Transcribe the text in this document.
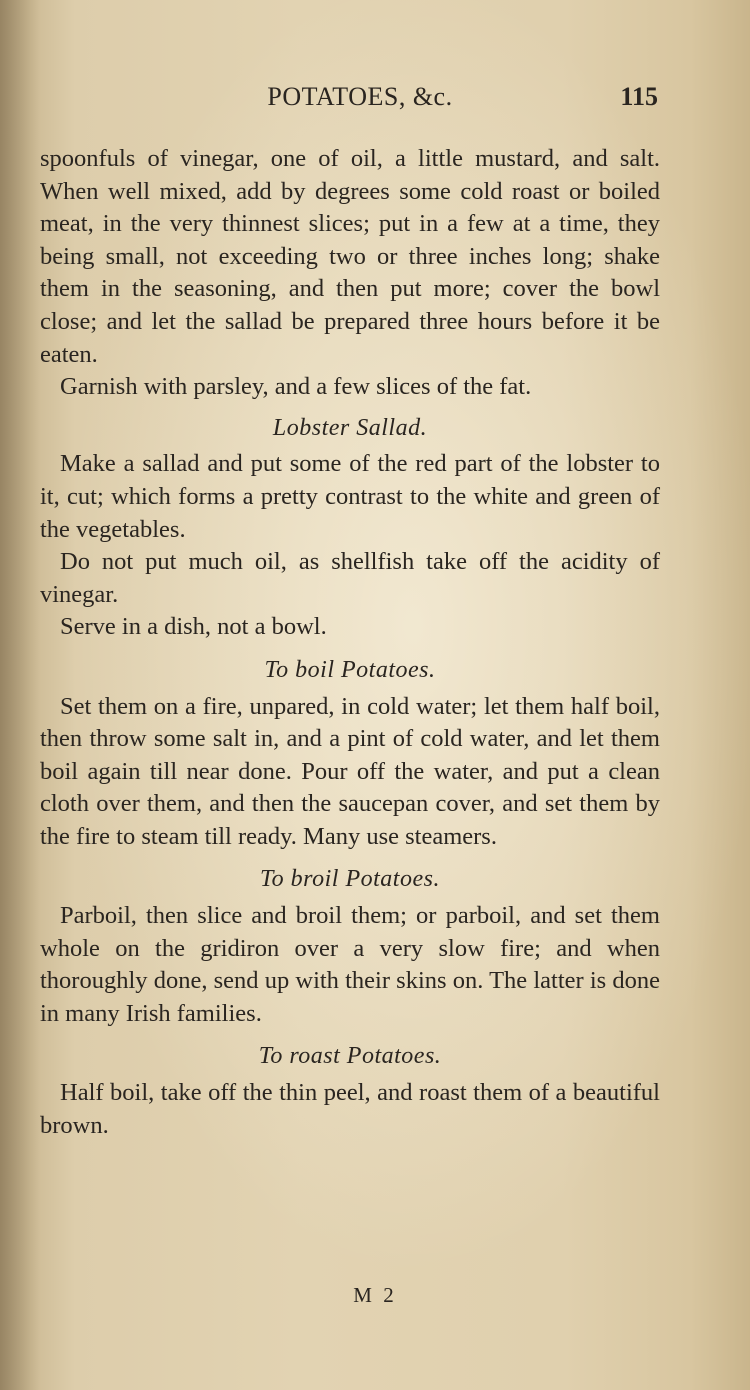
POTATOES, &c.	115

spoonfuls of vinegar, one of oil, a little mustard, and salt. When well mixed, add by degrees some cold roast or boiled meat, in the very thinnest slices; put in a few at a time, they being small, not exceeding two or three inches long; shake them in the seasoning, and then put more; cover the bowl close; and let the sallad be prepared three hours before it be eaten.

Garnish with parsley, and a few slices of the fat.

Lobster Sallad.

Make a sallad and put some of the red part of the lobster to it, cut; which forms a pretty contrast to the white and green of the vegetables.

Do not put much oil, as shellfish take off the acidity of vinegar.

Serve in a dish, not a bowl.

To boil Potatoes.

Set them on a fire, unpared, in cold water; let them half boil, then throw some salt in, and a pint of cold water, and let them boil again till near done. Pour off the water, and put a clean cloth over them, and then the saucepan cover, and set them by the fire to steam till ready. Many use steamers.

To broil Potatoes.

Parboil, then slice and broil them; or parboil, and set them whole on the gridiron over a very slow fire; and when thoroughly done, send up with their skins on. The latter is done in many Irish families.

To roast Potatoes.

Half boil, take off the thin peel, and roast them of a beautiful brown.

M 2
